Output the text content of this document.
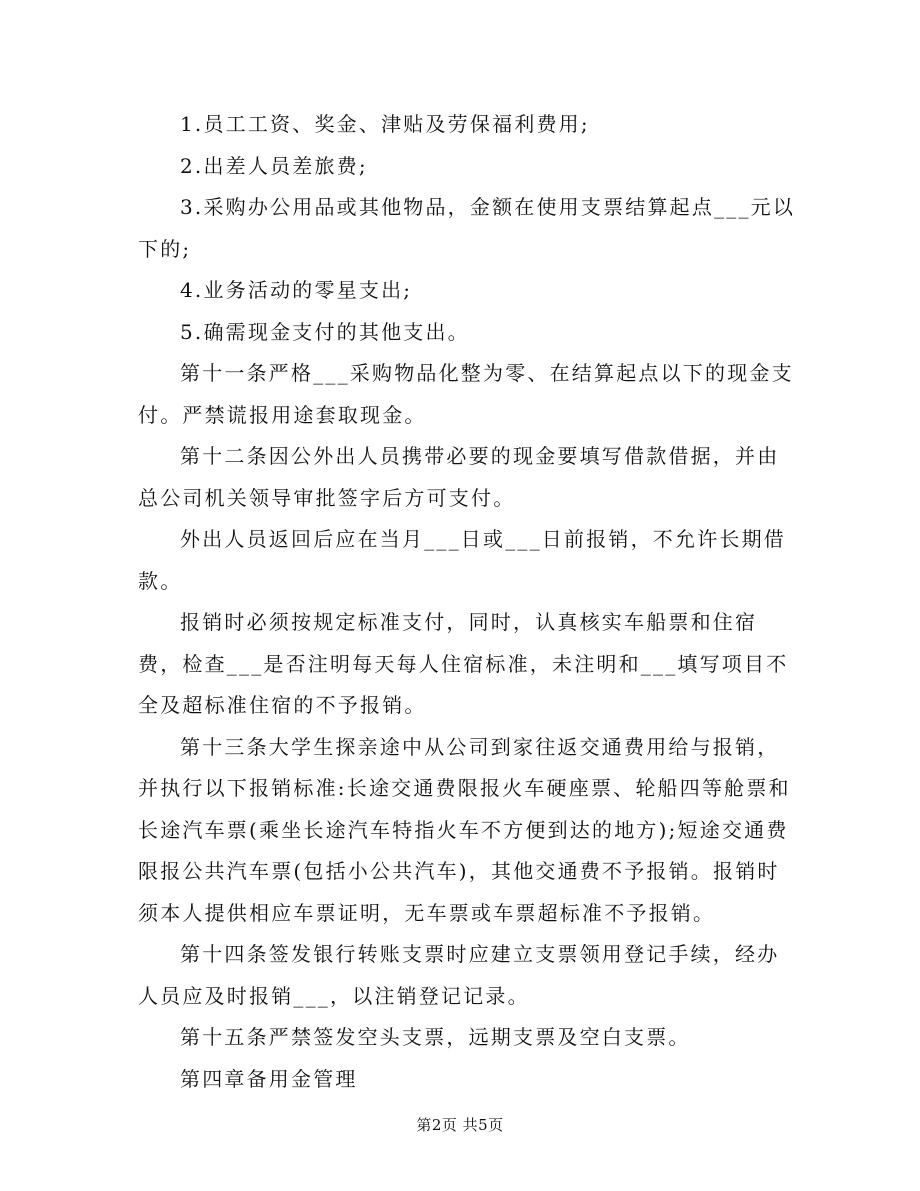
1.员工工资、奖金、津贴及劳保福利费用;

2.出差人员差旅费;

3.采购办公用品或其他物品，金额在使用支票结算起点___元以下的;

4.业务活动的零星支出;

5.确需现金支付的其他支出。

第十一条严格___采购物品化整为零、在结算起点以下的现金支付。严禁谎报用途套取现金。

第十二条因公外出人员携带必要的现金要填写借款借据，并由总公司机关领导审批签字后方可支付。

外出人员返回后应在当月___日或___日前报销，不允许长期借款。

报销时必须按规定标准支付，同时，认真核实车船票和住宿费，检查___是否注明每天每人住宿标准，未注明和___填写项目不全及超标准住宿的不予报销。

第十三条大学生探亲途中从公司到家往返交通费用给与报销，并执行以下报销标准:长途交通费限报火车硬座票、轮船四等舱票和长途汽车票(乘坐长途汽车特指火车不方便到达的地方);短途交通费限报公共汽车票(包括小公共汽车)，其他交通费不予报销。报销时须本人提供相应车票证明，无车票或车票超标准不予报销。

第十四条签发银行转账支票时应建立支票领用登记手续，经办人员应及时报销___，以注销登记记录。

第十五条严禁签发空头支票，远期支票及空白支票。

第四章备用金管理

第2页 共5页
